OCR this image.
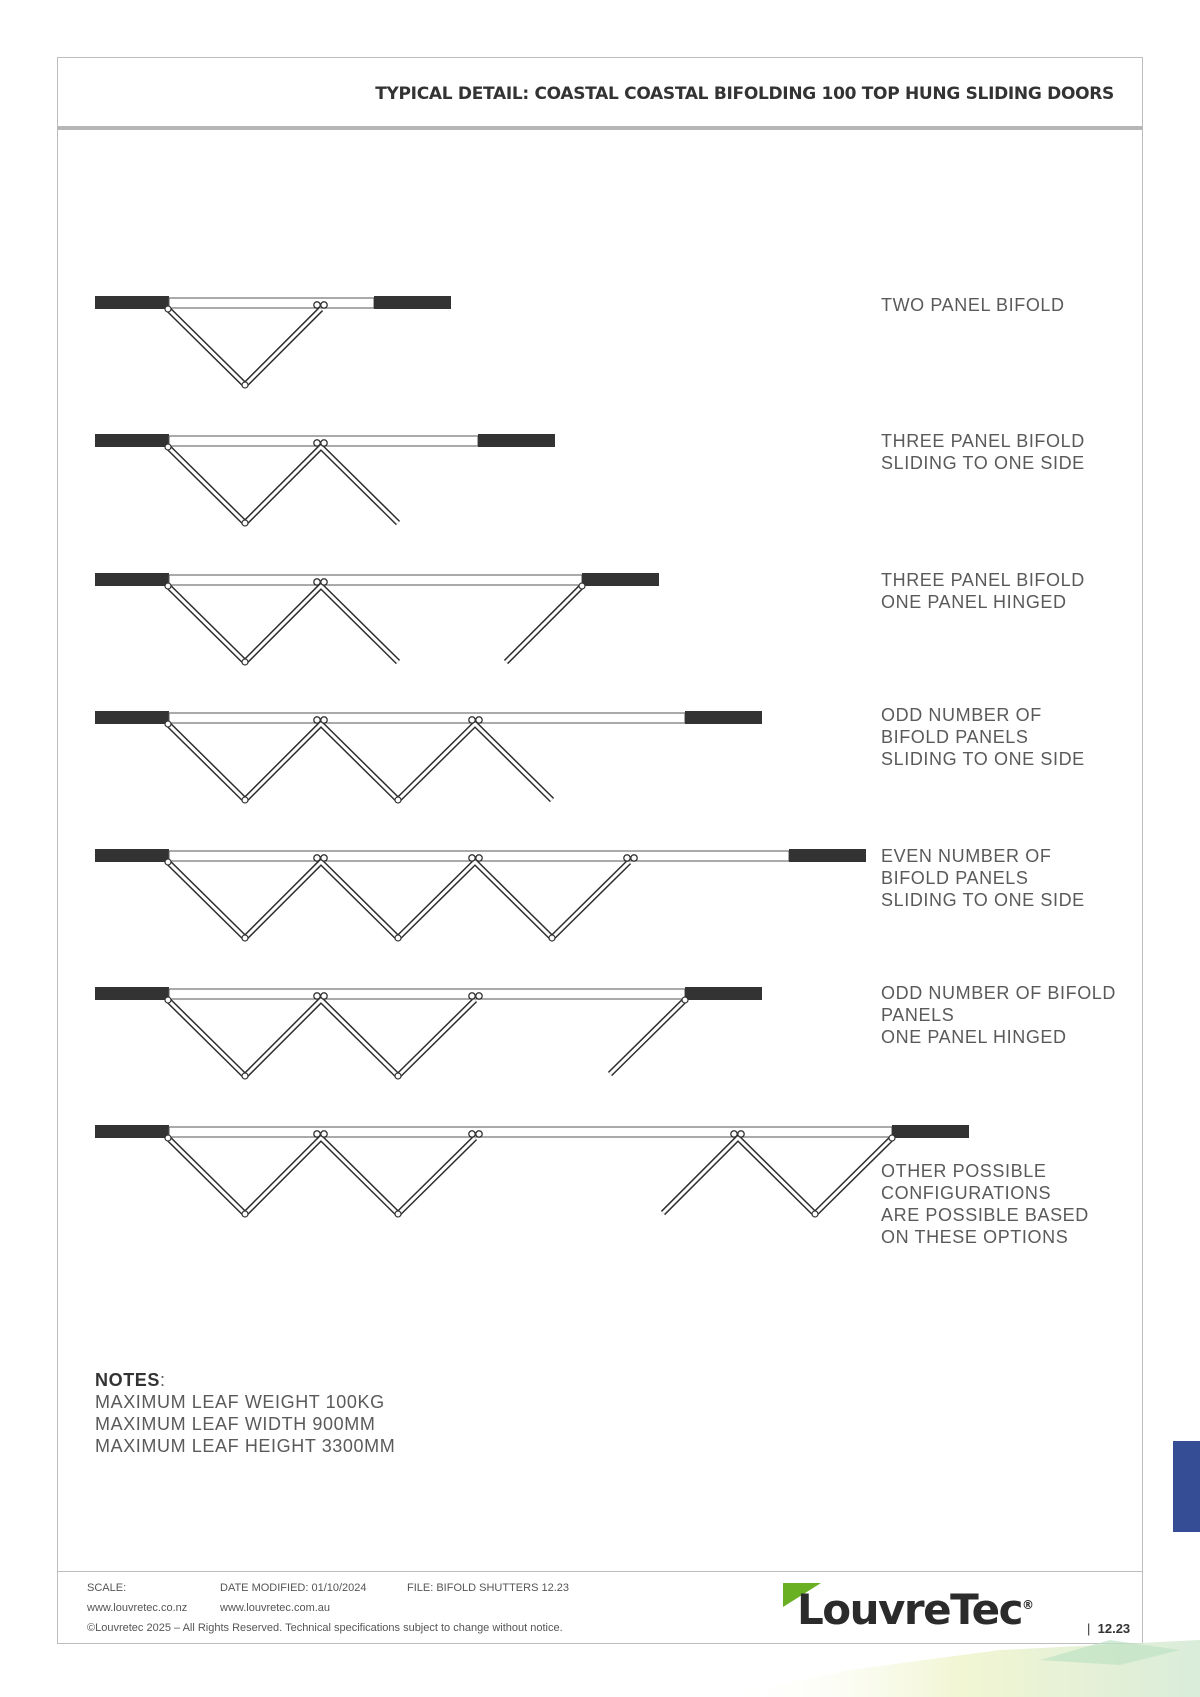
TYPICAL DETAIL: COASTAL COASTAL BIFOLDING 100 TOP HUNG SLIDING DOORS
TWO PANEL BIFOLD
THREE PANEL BIFOLD
SLIDING TO ONE SIDE
THREE PANEL BIFOLD
ONE PANEL HINGED
ODD NUMBER OF
BIFOLD PANELS
SLIDING TO ONE SIDE
EVEN NUMBER OF
BIFOLD PANELS
SLIDING TO ONE SIDE
ODD NUMBER OF BIFOLD
PANELS
ONE PANEL HINGED
OTHER POSSIBLE
CONFIGURATIONS
ARE POSSIBLE BASED
ON THESE OPTIONS
NOTES:
MAXIMUM LEAF WEIGHT 100KG
MAXIMUM LEAF WIDTH 900MM
MAXIMUM LEAF HEIGHT 3300MM
SCALE:	DATE MODIFIED: 01/10/2024	FILE: BIFOLD SHUTTERS 12.23
www.louvretec.co.nz	www.louvretec.com.au
©Louvretec 2025 – All Rights Reserved. Technical specifications subject to change without notice.	LouvreTec®
| 12.23
